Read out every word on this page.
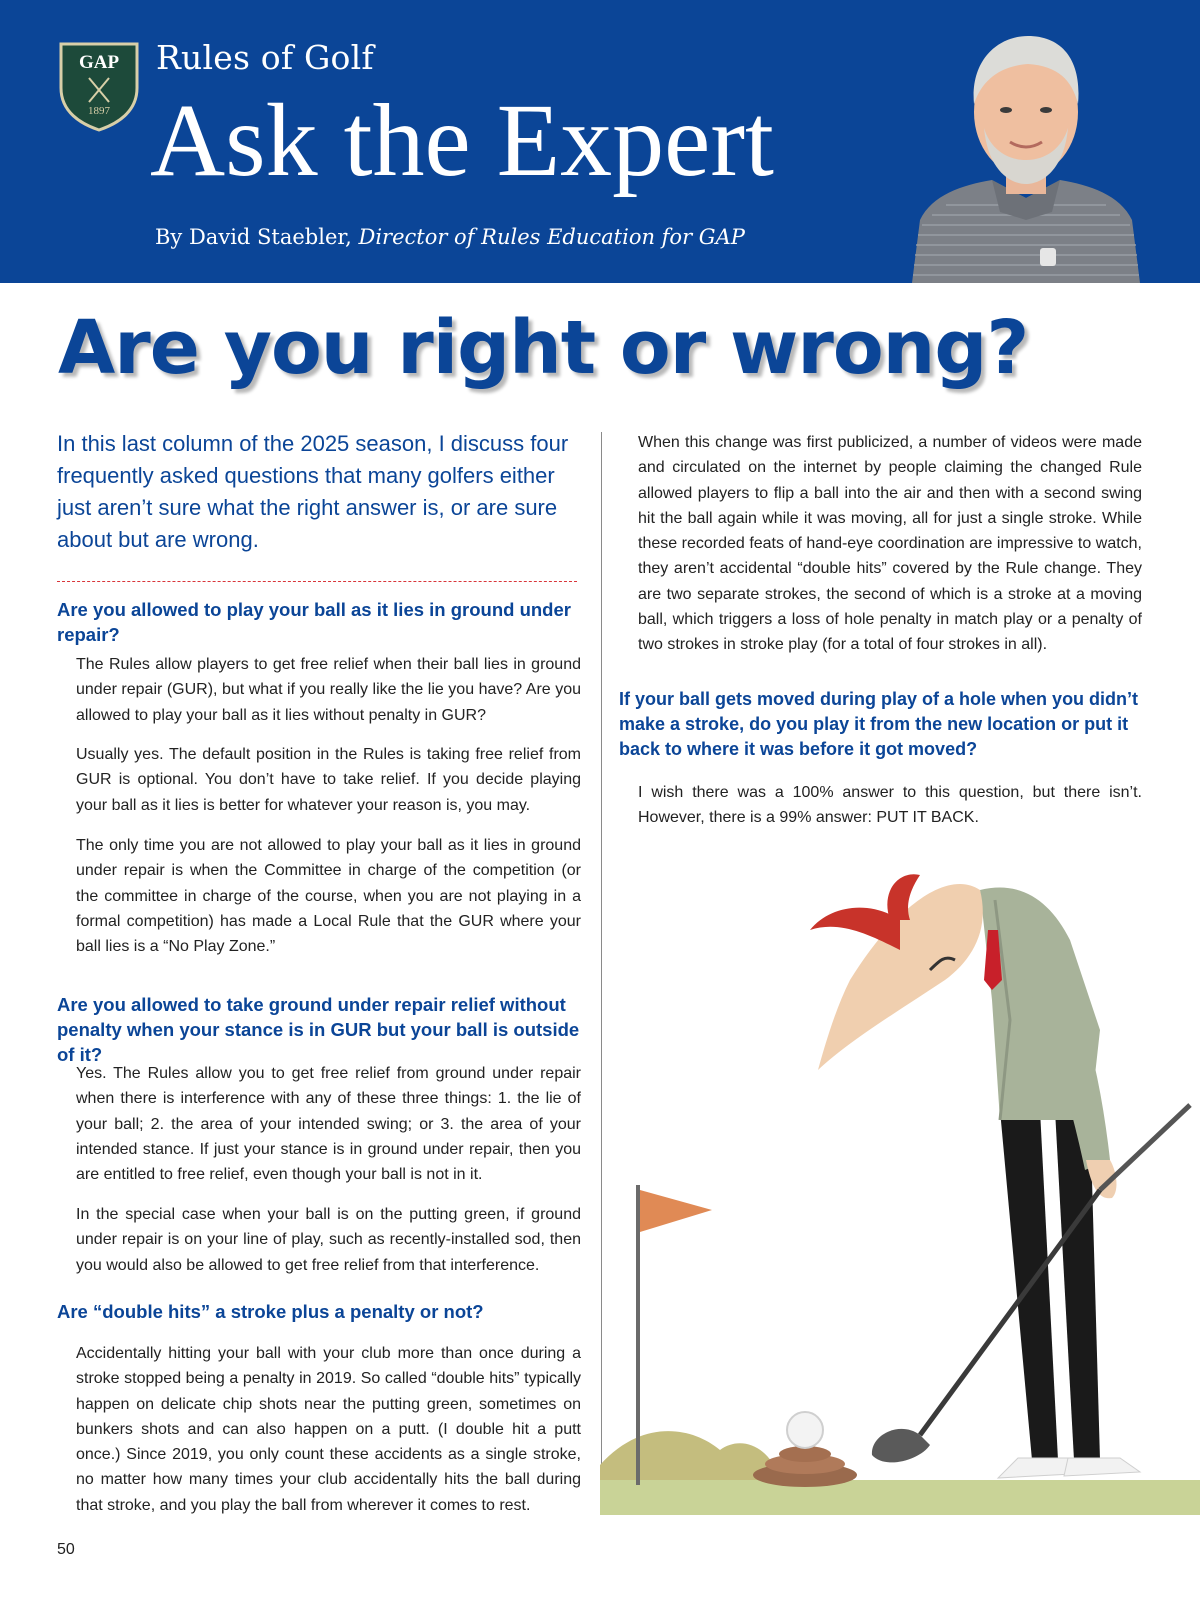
GAP
1897
Rules of Golf
Ask the Expert
By David Staebler, Director of Rules Education for GAP
Are you right or wrong?

In this last column of the 2025 season, I discuss four frequently asked questions that many golfers either just aren’t sure what the right answer is, or are sure about but are wrong.

Are you allowed to play your ball as it lies in ground under repair?

The Rules allow players to get free relief when their ball lies in ground under repair (GUR), but what if you really like the lie you have? Are you allowed to play your ball as it lies without penalty in GUR?

Usually yes. The default position in the Rules is taking free relief from GUR is optional. You don’t have to take relief. If you decide playing your ball as it lies is better for whatever your reason is, you may.

The only time you are not allowed to play your ball as it lies in ground under repair is when the Committee in charge of the competition (or the committee in charge of the course, when you are not playing in a formal competition) has made a Local Rule that the GUR where your ball lies is a “No Play Zone.”

Are you allowed to take ground under repair relief without penalty when your stance is in GUR but your ball is outside of it?

Yes. The Rules allow you to get free relief from ground under repair when there is interference with any of these three things: 1. the lie of your ball; 2. the area of your intended swing; or 3. the area of your intended stance. If just your stance is in ground under repair, then you are entitled to free relief, even though your ball is not in it.

In the special case when your ball is on the putting green, if ground under repair is on your line of play, such as recently-installed sod, then you would also be allowed to get free relief from that interference.

Are “double hits” a stroke plus a penalty or not?

Accidentally hitting your ball with your club more than once during a stroke stopped being a penalty in 2019. So called “double hits” typically happen on delicate chip shots near the putting green, sometimes on bunkers shots and can also happen on a putt. (I double hit a putt once.) Since 2019, you only count these accidents as a single stroke, no matter how many times your club accidentally hits the ball during that stroke, and you play the ball from wherever it comes to rest.

When this change was first publicized, a number of videos were made and circulated on the internet by people claiming the changed Rule allowed players to flip a ball into the air and then with a second swing hit the ball again while it was moving, all for just a single stroke. While these recorded feats of hand-eye coordination are impressive to watch, they aren’t accidental “double hits” covered by the Rule change. They are two separate strokes, the second of which is a stroke at a moving ball, which triggers a loss of hole penalty in match play or a penalty of two strokes in stroke play (for a total of four strokes in all).

If your ball gets moved during play of a hole when you didn’t make a stroke, do you play it from the new location or put it back to where it was before it got moved?

I wish there was a 100% answer to this question, but there isn’t. However, there is a 99% answer: PUT IT BACK.

50
